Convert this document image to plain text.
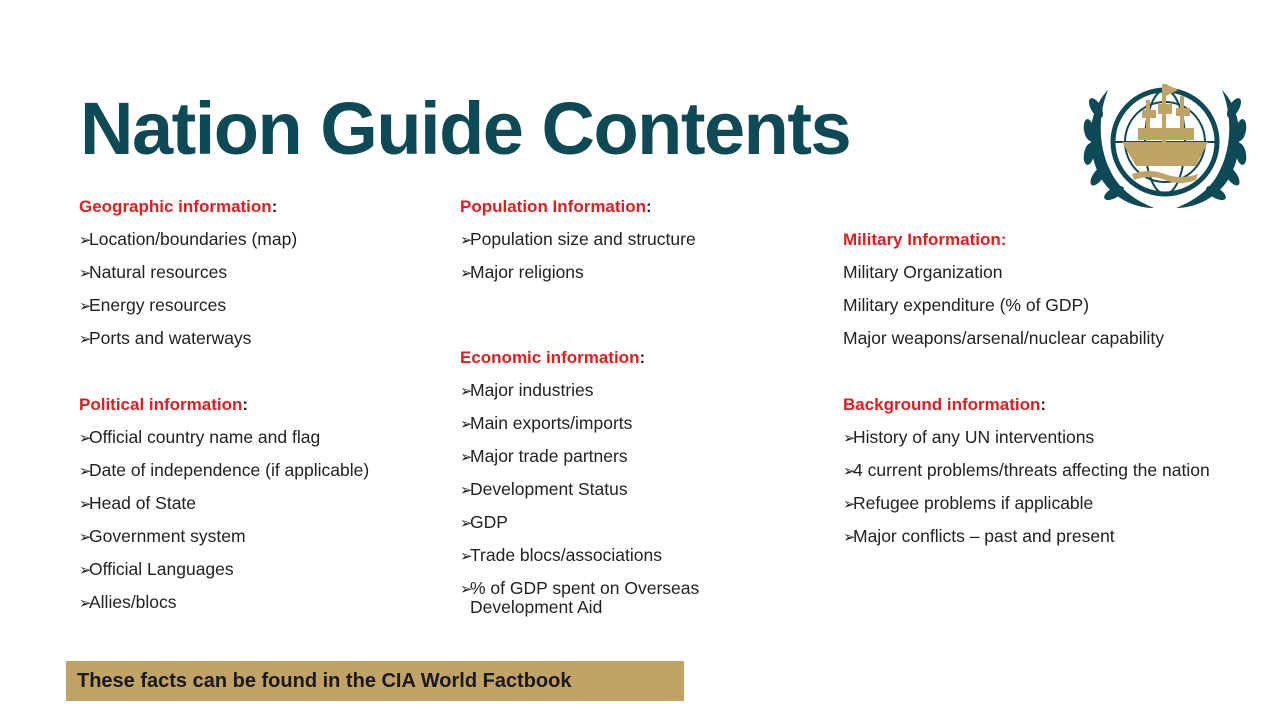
Nation Guide Contents
Geographic information:
➢
Location/boundaries (map)
➢
Natural resources
➢
Energy resources
➢
Ports and waterways
Political information:
➢
Official country name and flag
➢
Date of independence (if applicable)
➢
Head of State
➢
Government system
➢
Official Languages
➢
Allies/blocs
Population Information:
➢
Population size and structure
➢
Major religions
Economic information:
➢
Major industries
➢
Main exports/imports
➢
Major trade partners
➢
Development Status
➢
GDP
➢
Trade blocs/associations
➢
% of GDP spent on Overseas Development Aid
Military Information:
Military Organization
Military expenditure (% of GDP)
Major weapons/arsenal/nuclear capability
Background information:
➢
History of any UN interventions
➢
4 current problems/threats affecting the nation
➢
Refugee problems if applicable
➢
Major conflicts – past and present
These facts can be found in the CIA World Factbook
